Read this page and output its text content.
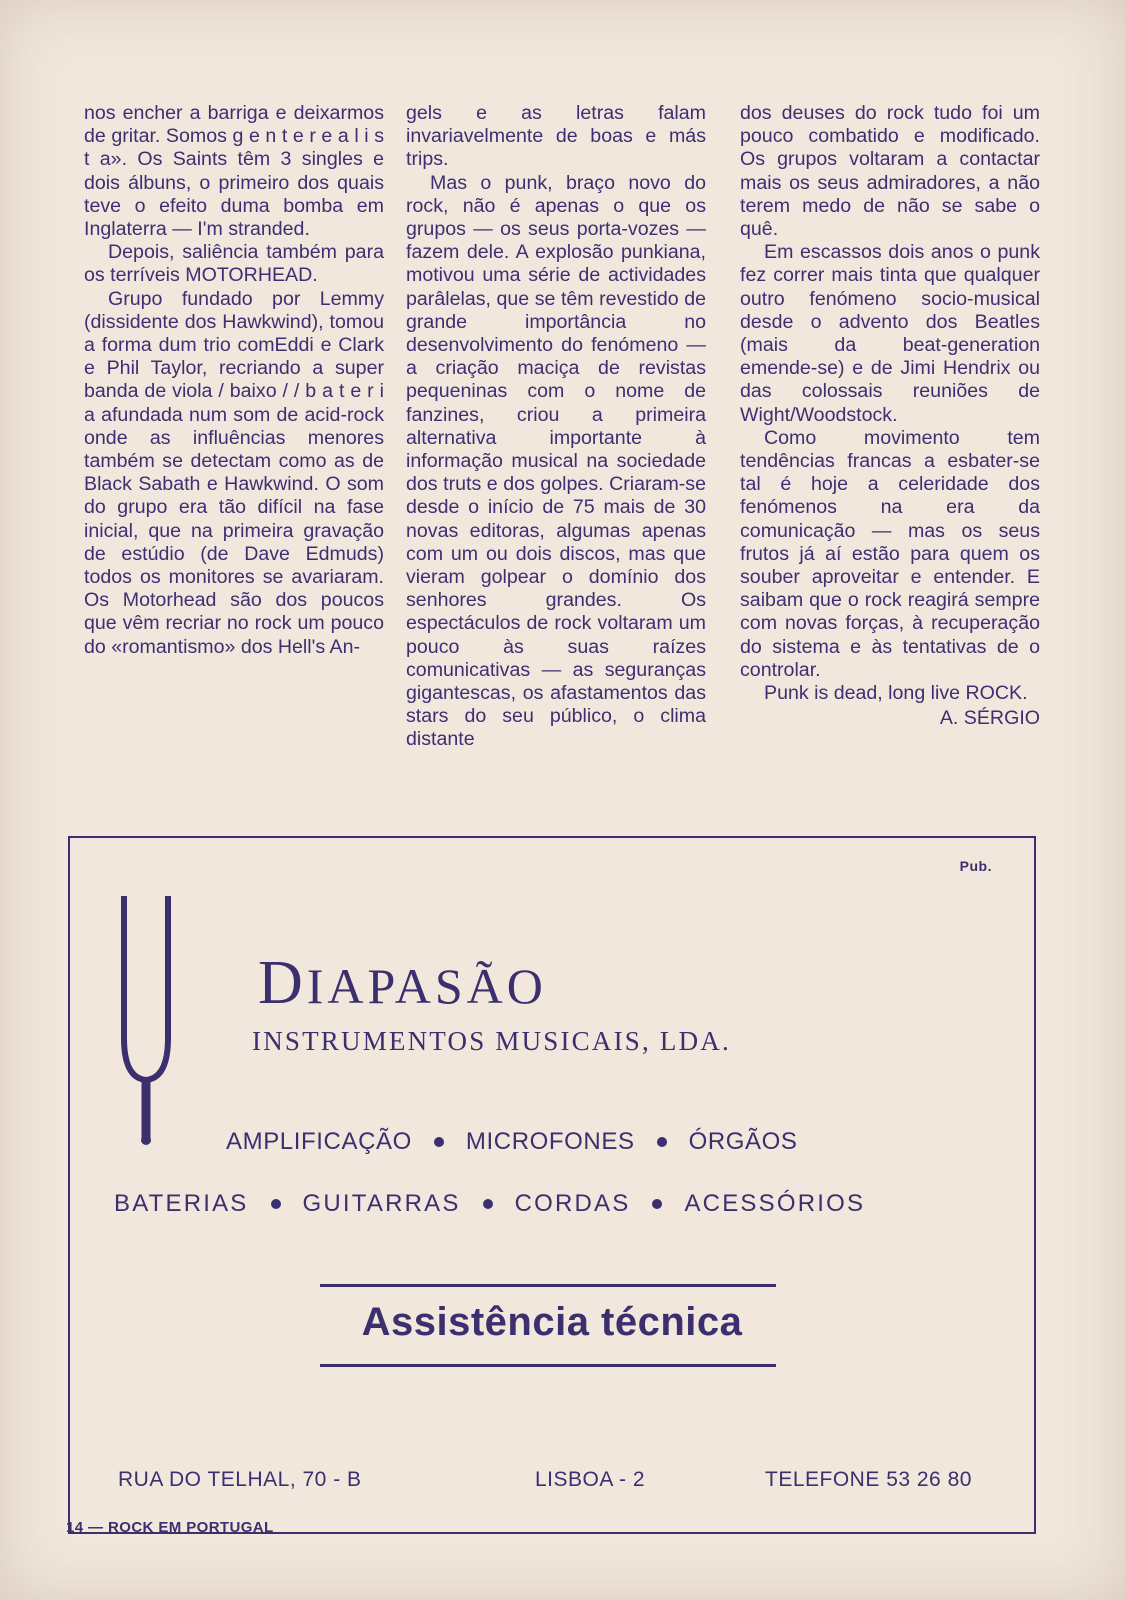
nos encher a barriga e deixarmos de gritar. Somos g e n t e r e a l i s t a». Os Saints têm 3 singles e dois álbuns, o primeiro dos quais teve o efeito duma bomba em Inglaterra — I'm stranded.

Depois, saliência também para os terríveis MOTORHEAD.

Grupo fundado por Lemmy (dissidente dos Hawkwind), tomou a forma dum trio comEddi e Clark e Phil Taylor, recriando a super banda de viola / baixo / / b a t e r i a afundada num som de acid-rock onde as influências menores também se detectam como as de Black Sabath e Hawkwind. O som do grupo era tão difícil na fase inicial, que na primeira gravação de estúdio (de Dave Edmuds) todos os monitores se avariaram. Os Motorhead são dos poucos que vêm recriar no rock um pouco do «romantismo» dos Hell's An-

gels e as letras falam invariavelmente de boas e más trips.

Mas o punk, braço novo do rock, não é apenas o que os grupos — os seus porta-vozes — fazem dele. A explosão punkiana, motivou uma série de actividades parâlelas, que se têm revestido de grande importância no desenvolvimento do fenómeno — a criação maciça de revistas pequeninas com o nome de fanzines, criou a primeira alternativa importante à informação musical na sociedade dos truts e dos golpes. Criaram-se desde o início de 75 mais de 30 novas editoras, algumas apenas com um ou dois discos, mas que vieram golpear o domínio dos senhores grandes. Os espectáculos de rock voltaram um pouco às suas raízes comunicativas — as seguranças gigantescas, os afastamentos das stars do seu público, o clima distante

dos deuses do rock tudo foi um pouco combatido e modificado. Os grupos voltaram a contactar mais os seus admiradores, a não terem medo de não se sabe o quê.

Em escassos dois anos o punk fez correr mais tinta que qualquer outro fenómeno socio-musical desde o advento dos Beatles (mais da beat-generation emende-se) e de Jimi Hendrix ou das colossais reuniões de Wight/Woodstock.

Como movimento tem tendências francas a esbater-se tal é hoje a celeridade dos fenómenos na era da comunicação — mas os seus frutos já aí estão para quem os souber aproveitar e entender. E saibam que o rock reagirá sempre com novas forças, à recuperação do sistema e às tentativas de o controlar.

Punk is dead, long live ROCK.

A. SÉRGIO

Pub.
DIAPASÃO
INSTRUMENTOS MUSICAIS, LDA.
AMPLIFICAÇÃO MICROFONES ÓRGÃOS
BATERIAS GUITARRAS CORDAS ACESSÓRIOS
Assistência técnica
RUA DO TELHAL, 70 - B	LISBOA - 2	TELEFONE 53 26 80
14 — ROCK EM PORTUGAL
